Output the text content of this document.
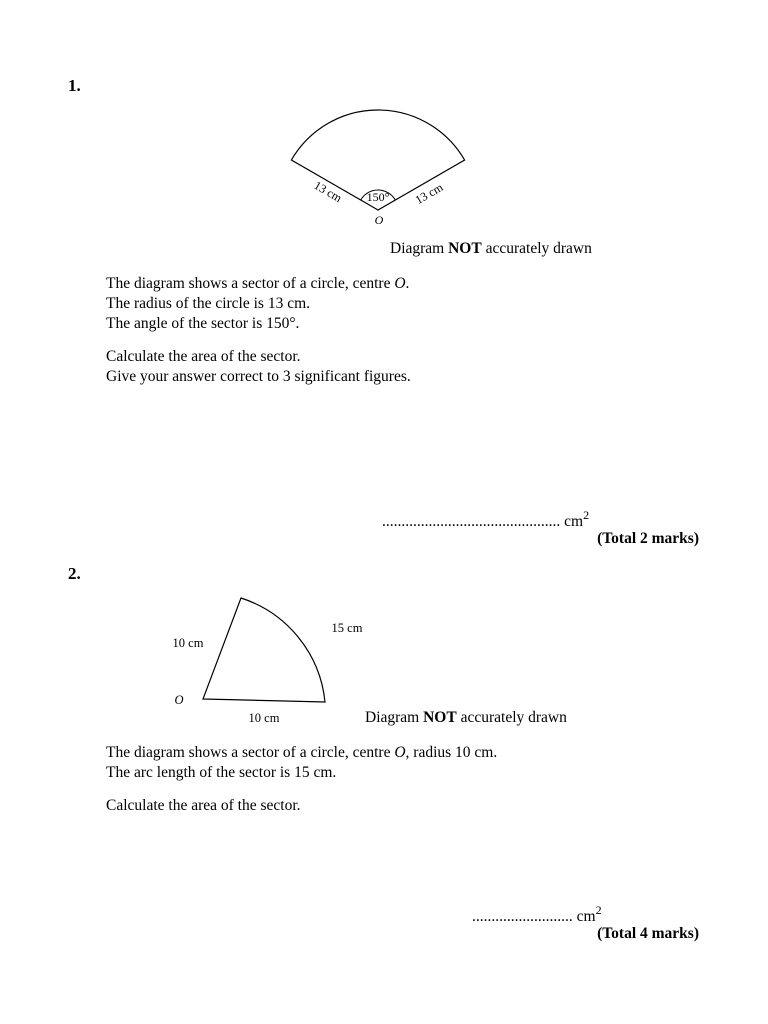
1.
150°
13 cm	13 cm
O
10 cm
15 cm
10 cm
O
Diagram NOT accurately drawn
The diagram shows a sector of a circle, centre O.
The radius of the circle is 13 cm.
The angle of the sector is 150°.
Calculate the area of the sector.
Give your answer correct to 3 significant figures.
.............................................. $cm^2$
(Total 2 marks)
2.
Diagram NOT accurately drawn
The diagram shows a sector of a circle, centre O, radius 10 cm.
The arc length of the sector is 15 cm.
Calculate the area of the sector.
.......................... $cm^2$
(Total 4 marks)
